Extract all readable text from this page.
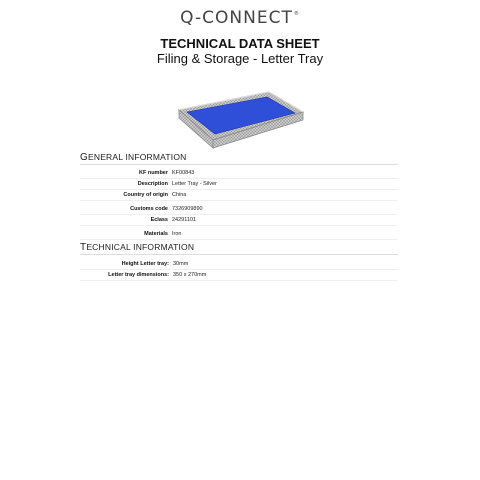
Q-CONNECT®
TECHNICAL DATA SHEET
Filing & Storage - Letter Tray
GENERAL INFORMATION
KF number KF00843
Description Letter Tray - Silver
Country of origin China
Customs code 7326909890
Eclass 24291101
Materials Iron
TECHNICAL INFORMATION
Height Letter tray: 30mm
Letter tray dimensions: 350 x 270mm
